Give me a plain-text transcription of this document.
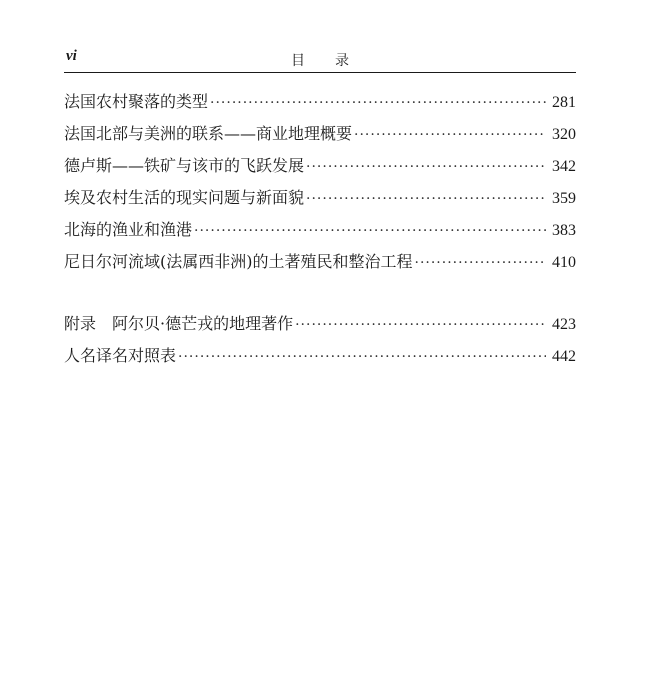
vi	目录
法国农村聚落的类型 ·····	281
法国北部与美洲的联系——商业地理概要 ·····	320
德卢斯——铁矿与该市的飞跃发展 ·····	342
埃及农村生活的现实问题与新面貌 ·····	359
北海的渔业和渔港 ·····	383
尼日尔河流域(法属西非洲)的土著殖民和整治工程 ·····	410
附录　阿尔贝·德芒戎的地理著作 ·····	423
人名译名对照表 ·····	442
